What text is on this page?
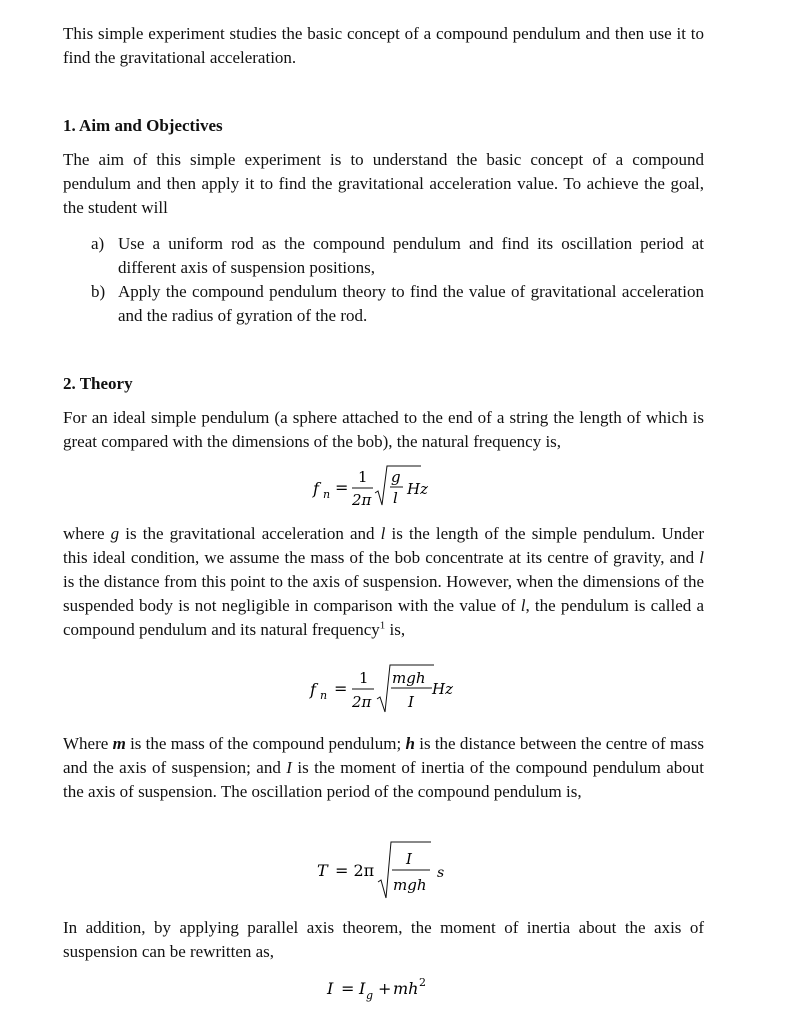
This simple experiment studies the basic concept of a compound pendulum and then use it to find the gravitational acceleration.

1. Aim and Objectives

The aim of this simple experiment is to understand the basic concept of a compound pendulum and then apply it to find the gravitational acceleration value. To achieve the goal, the student will

a) Use a uniform rod as the compound pendulum and find its oscillation period at different axis of suspension positions,
b) Apply the compound pendulum theory to find the value of gravitational acceleration and the radius of gyration of the rod.
2. Theory

For an ideal simple pendulum (a sphere attached to the end of a string the length of which is great compared with the dimensions of the bob), the natural frequency is,

f n =
1
2π
g
l Hz

where g is the gravitational acceleration and l is the length of the simple pendulum. Under this ideal condition, we assume the mass of the bob concentrate at its centre of gravity, and l is the distance from this point to the axis of suspension. However, when the dimensions of the suspended body is not negligible in comparison with the value of l, the pendulum is called a compound pendulum and its natural frequency$^1$ is,

f n =
1
2π
mgh
I
Hz

Where m is the mass of the compound pendulum; h is the distance between the centre of mass and the axis of suspension; and I is the moment of inertia of the compound pendulum about the axis of suspension. The oscillation period of the compound pendulum is,

T = 2π
I
mgh
s

In addition, by applying parallel axis theorem, the moment of inertia about the axis of suspension can be rewritten as,

I = I g + mh 2
